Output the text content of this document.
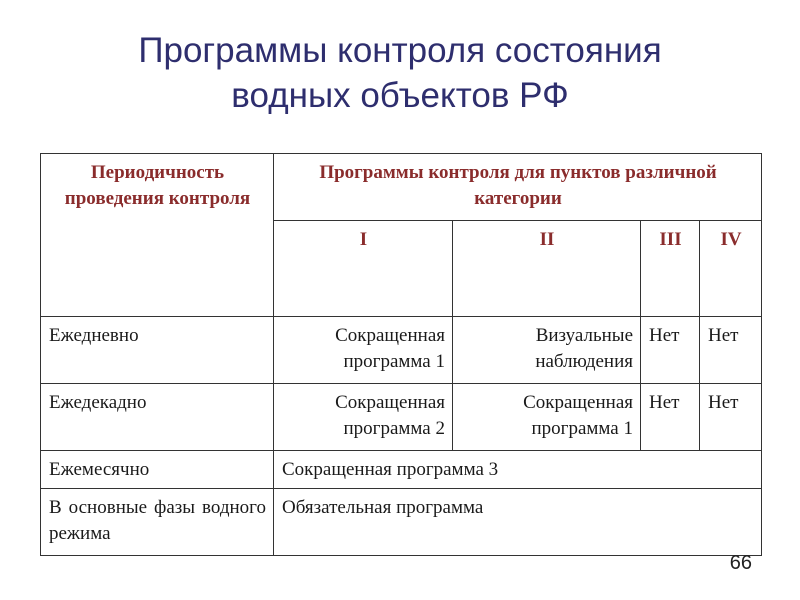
Программы контроля состояния
водных объектов РФ
Периодичность проведения контроля	Программы контроля для пунктов различной категории			

	I	II	III	IV
Ежедневно	Сокращенная программа 1	Визуальные наблюдения	Нет	Нет
Ежедекадно	Сокращенная программа 2	Сокращенная программа 1	Нет	Нет
Ежемесячно	Сокращенная программа 3			
В основные фазы водного режима	Обязательная программа			
66
